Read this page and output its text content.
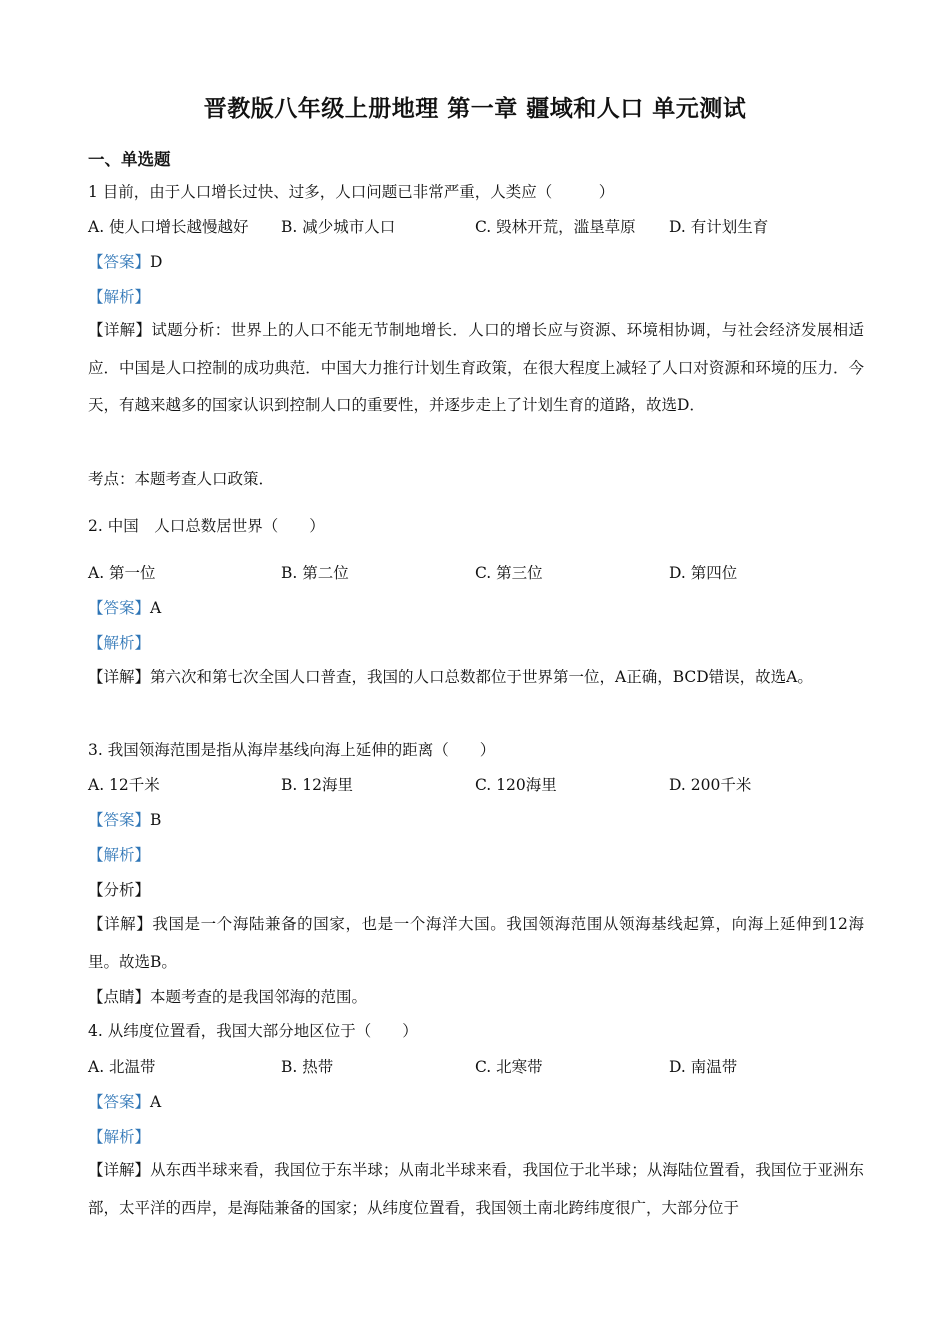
晋教版八年级上册地理 第一章 疆域和人口 单元测试
一、单选题
1 目前，由于人口增长过快、过多，人口问题已非常严重，人类应（　　　）
A. 使人口增长越慢越好 B. 减少城市人口	C. 毁林开荒，滥垦草原 D. 有计划生育
【答案】D
【解析】
【详解】试题分析：世界上的人口不能无节制地增长．人口的增长应与资源、环境相协调，与社会经济发展相适应．中国是人口控制的成功典范．中国大力推行计划生育政策，在很大程度上减轻了人口对资源和环境的压力．今天，有越来越多的国家认识到控制人口的重要性，并逐步走上了计划生育的道路，故选D．
考点：本题考查人口政策．
2. 中国　人口总数居世界（　　）
A. 第一位	B. 第二位	C. 第三位	D. 第四位
【答案】A
【解析】
【详解】第六次和第七次全国人口普查，我国的人口总数都位于世界第一位，A正确，BCD错误，故选A。
3. 我国领海范围是指从海岸基线向海上延伸的距离（　　）
A. 12千米	B. 12海里	C. 120海里	D. 200千米
【答案】B
【解析】
【分析】
【详解】我国是一个海陆兼备的国家，也是一个海洋大国。我国领海范围从领海基线起算，向海上延伸到12海里。故选B。
【点睛】本题考查的是我国邻海的范围。
4. 从纬度位置看，我国大部分地区位于（　　）
A. 北温带	B. 热带	C. 北寒带	D. 南温带
【答案】A
【解析】
【详解】从东西半球来看，我国位于东半球；从南北半球来看，我国位于北半球；从海陆位置看，我国位于亚洲东部，太平洋的西岸，是海陆兼备的国家；从纬度位置看，我国领土南北跨纬度很广，大部分位于
